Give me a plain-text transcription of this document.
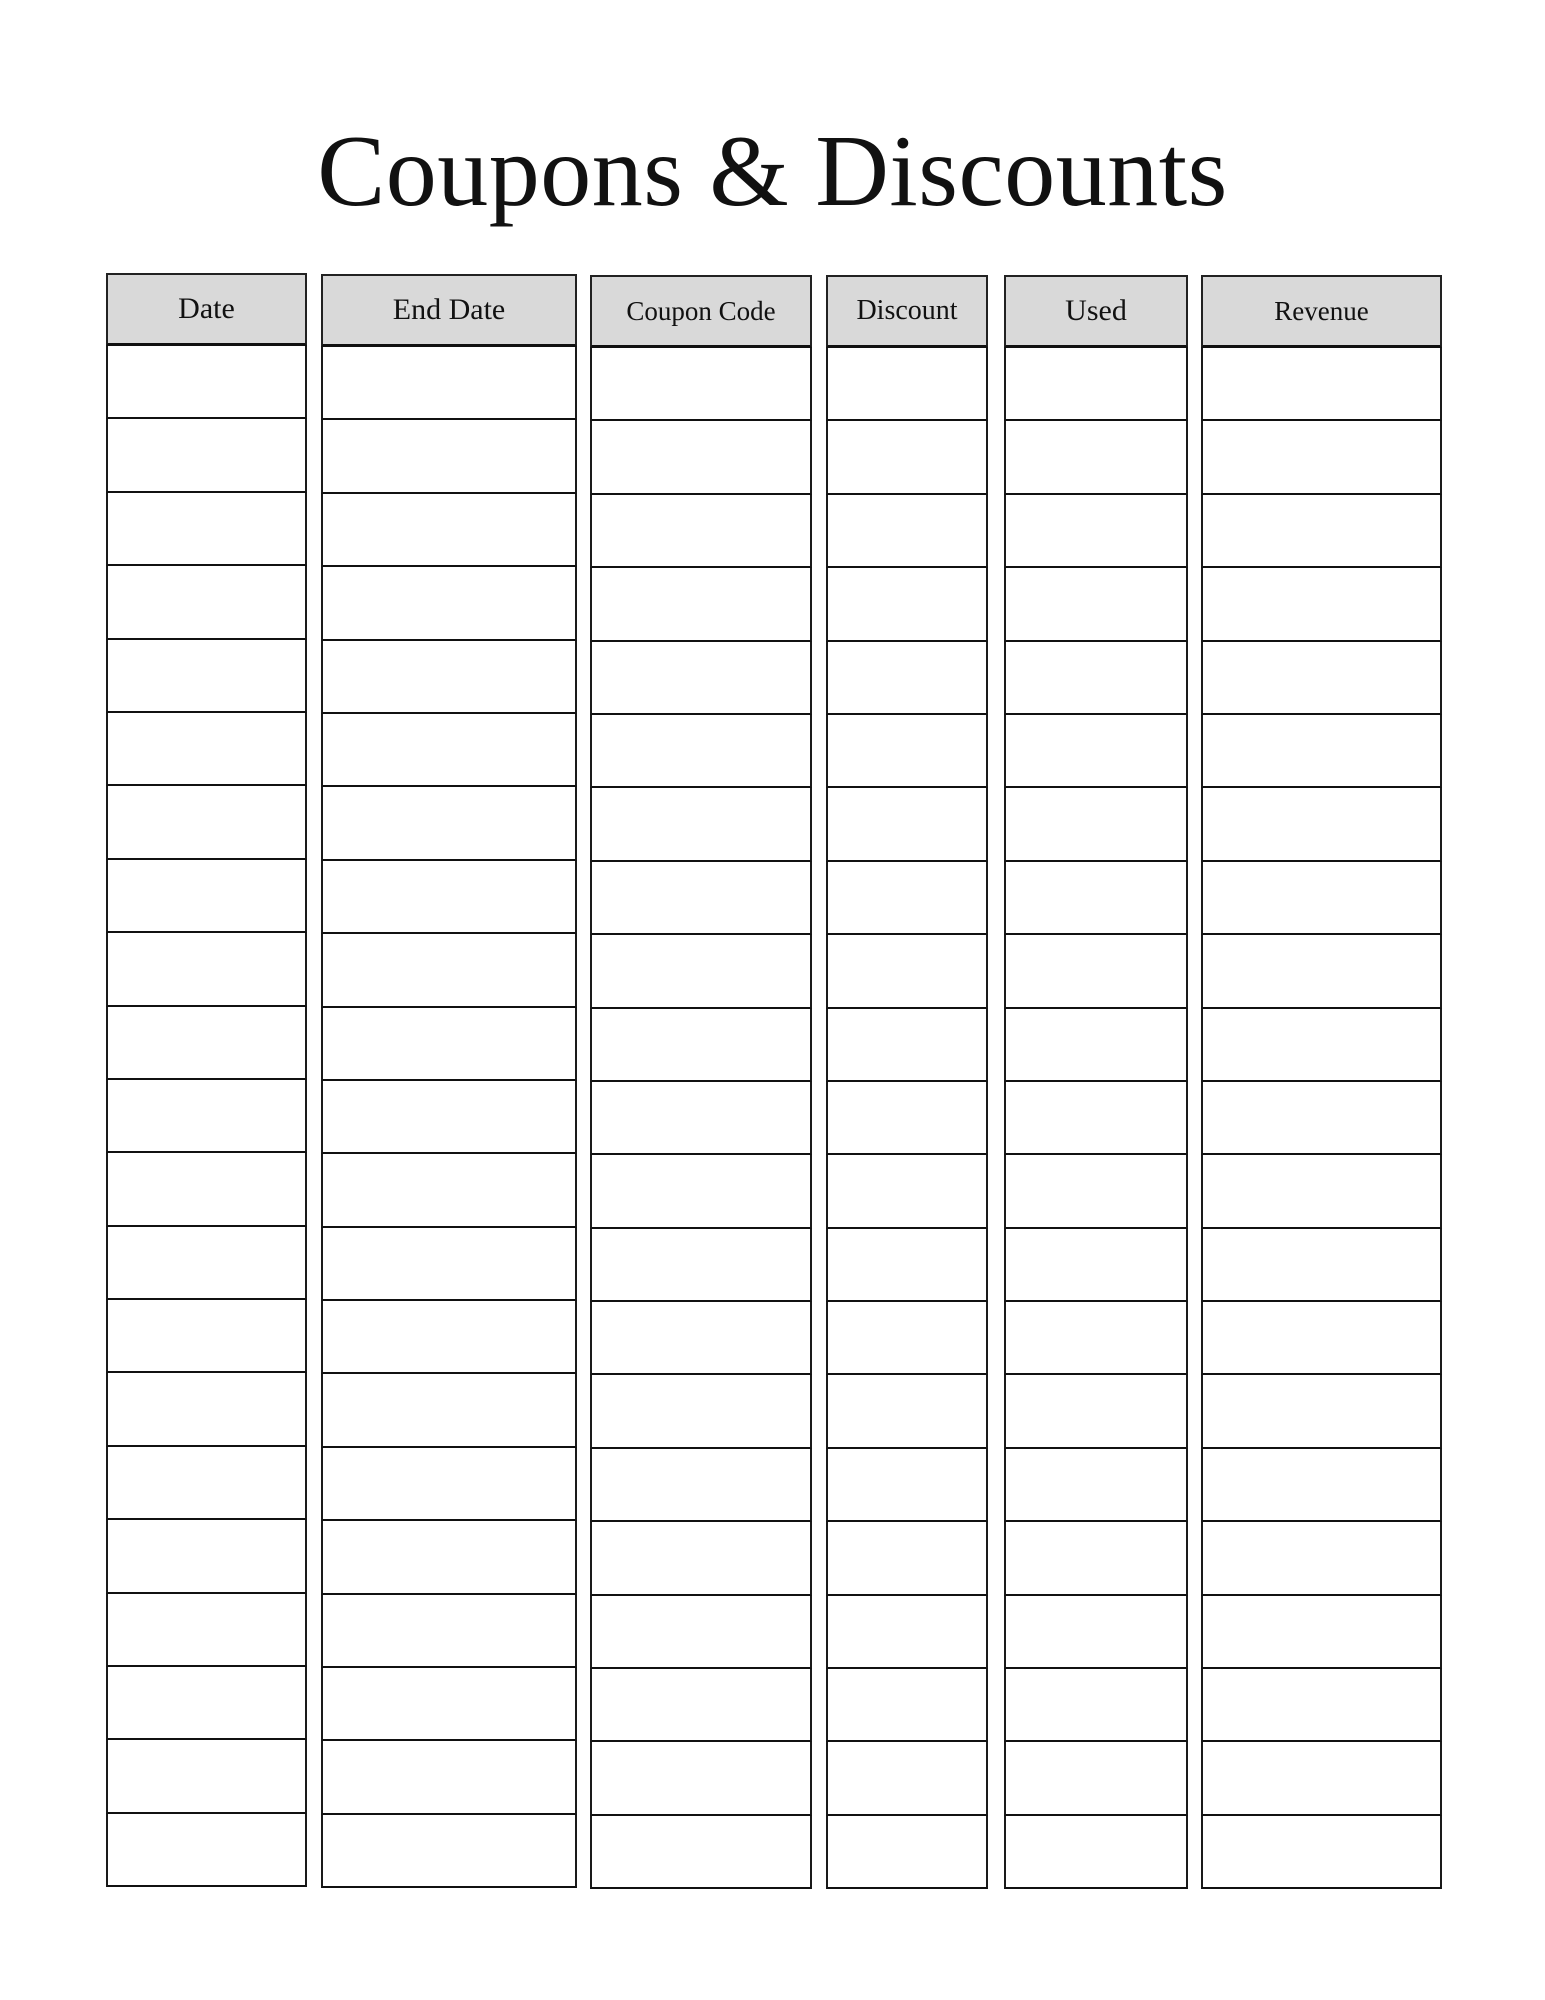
Coupons & Discounts
Date	End Date	Coupon Code	Discount	Used	Revenue
